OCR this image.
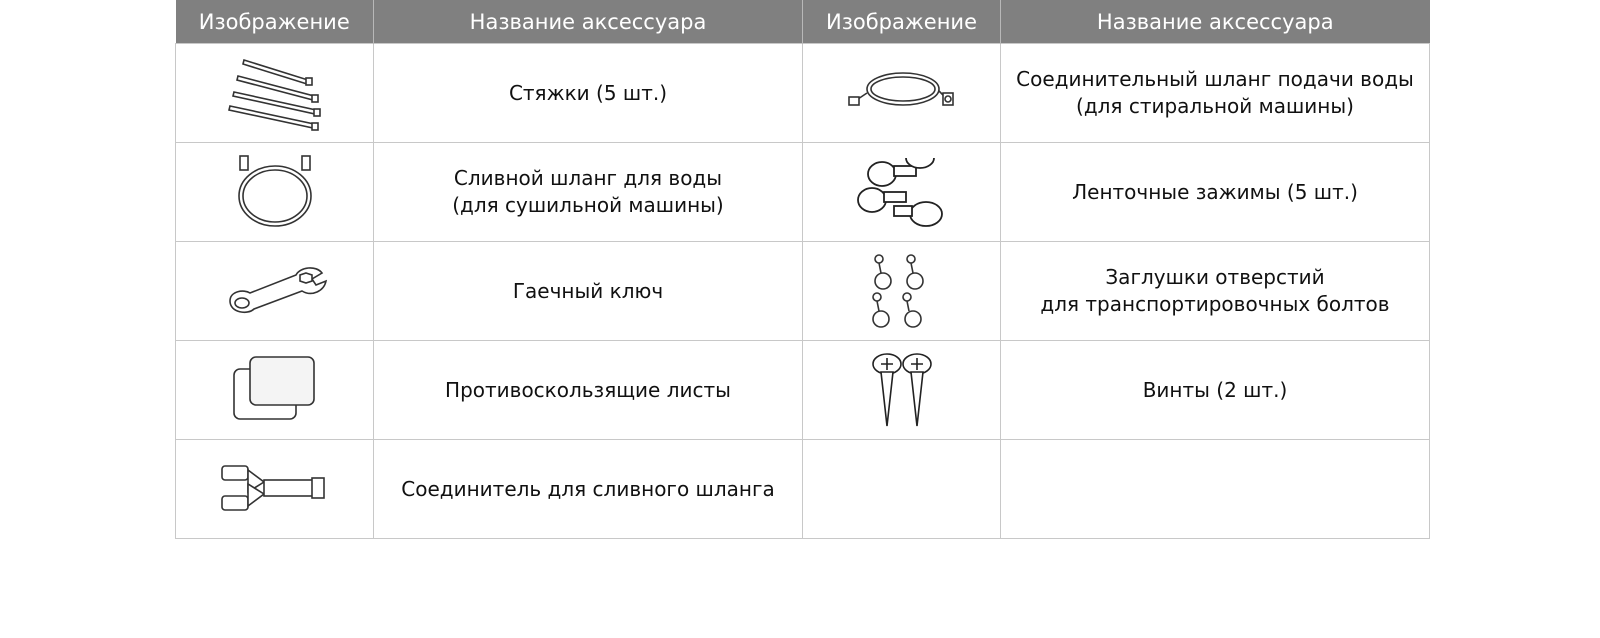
Изображение	Название аксессуара	Изображение	Название аксессуара

	Стяжки (5 шт.)		Соединительный шланг подачи воды
(для стиральной машины)

	Сливной шланг для воды
(для сушильной машины)		Ленточные зажимы (5 шт.)

	Гаечный ключ		Заглушки отверстий
для транспортировочных болтов

	Противоскользящие листы		Винты (2 шт.)

	Соединитель для сливного шланга		
